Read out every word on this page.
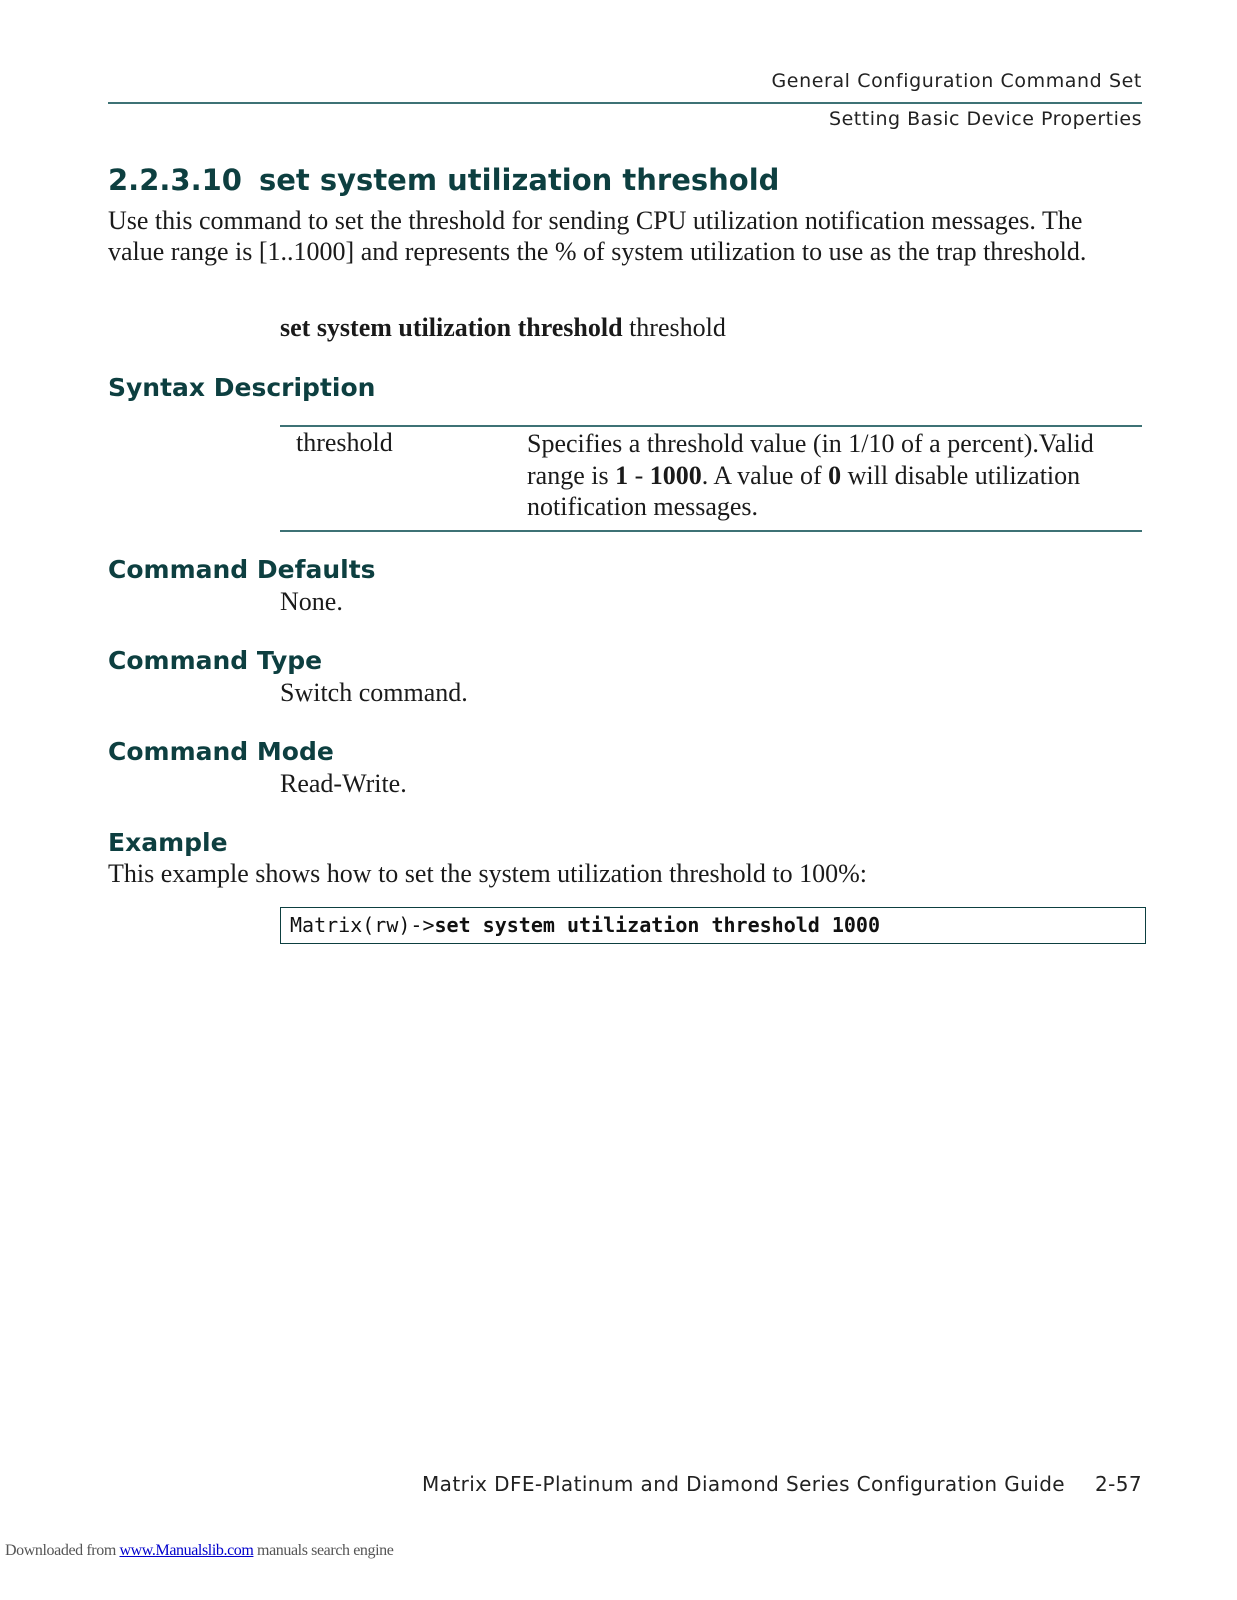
General Configuration Command Set
Setting Basic Device Properties
2.2.3.10 set system utilization threshold
Use this command to set the threshold for sending CPU utilization notification messages. The value range is [1..1000] and represents the % of system utilization to use as the trap threshold.
set system utilization threshold threshold
Syntax Description
threshold	Specifies a threshold value (in 1/10 of a percent).Valid range is 1 - 1000. A value of 0 will disable utilization notification messages.
Command Defaults
None.
Command Type
Switch command.
Command Mode
Read-Write.
Example
This example shows how to set the system utilization threshold to 100%:
Matrix(rw)->set system utilization threshold 1000
Matrix DFE-Platinum and Diamond Series Configuration Guide 2-57
Downloaded from www.Manualslib.com manuals search engine
